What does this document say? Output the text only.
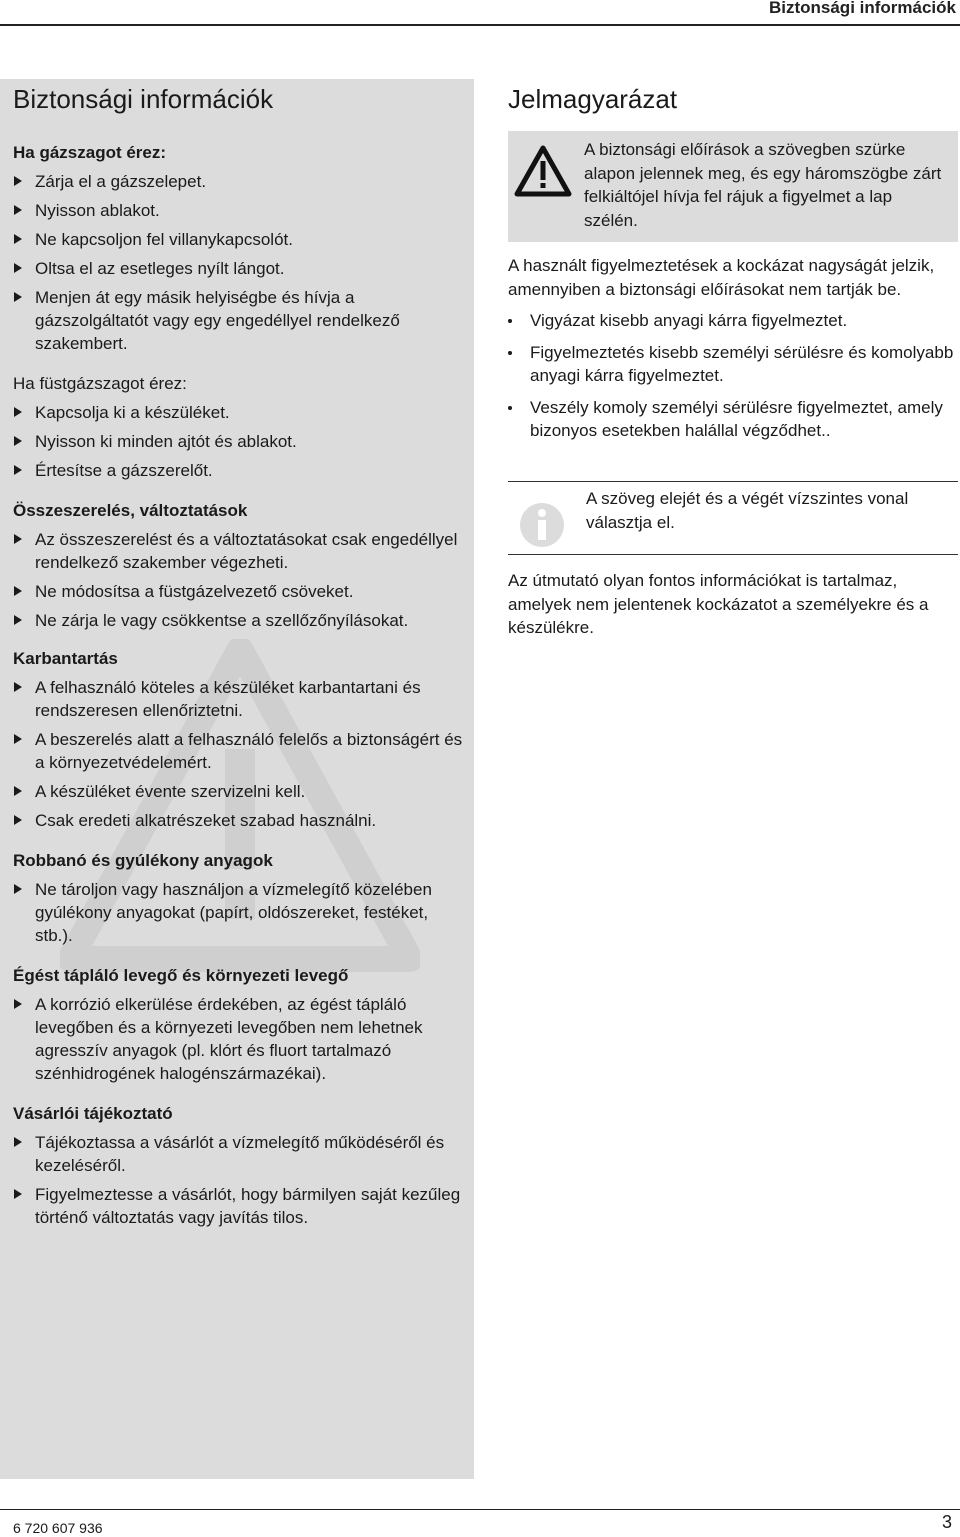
Biztonsági információk
Biztonsági információk

Ha gázszagot érez:

Zárja el a gázszelepet.
Nyisson ablakot.
Ne kapcsoljon fel villanykapcsolót.
Oltsa el az esetleges nyílt lángot.
Menjen át egy másik helyiségbe és hívja a gázszolgáltatót vagy egy engedéllyel rendelkező szakembert.

Ha füstgázszagot érez:

Kapcsolja ki a készüléket.
Nyisson ki minden ajtót és ablakot.
Értesítse a gázszerelőt.

Összeszerelés, változtatások

Az összeszerelést és a változtatásokat csak engedéllyel rendelkező szakember végezheti.
Ne módosítsa a füstgázelvezető csöveket.
Ne zárja le vagy csökkentse a szellőzőnyílásokat.

Karbantartás

A felhasználó köteles a készüléket karbantartani és rendszeresen ellenőriztetni.
A beszerelés alatt a felhasználó felelős a biztonságért és a környezetvédelemért.
A készüléket évente szervizelni kell.
Csak eredeti alkatrészeket szabad használni.

Robbanó és gyúlékony anyagok

Ne tároljon vagy használjon a vízmelegítő közelében gyúlékony anyagokat (papírt, oldószereket, festéket, stb.).

Égést tápláló levegő és környezeti levegő

A korrózió elkerülése érdekében, az égést tápláló levegőben és a környezeti levegőben nem lehetnek agresszív anyagok (pl. klórt és fluort tartalmazó szénhidrogének halogénszármazékai).

Vásárlói tájékoztató

Tájékoztassa a vásárlót a vízmelegítő működéséről és kezeléséről.
Figyelmeztesse a vásárlót, hogy bármilyen saját kezűleg történő változtatás vagy javítás tilos.
Jelmagyarázat
A biztonsági előírások a szövegben szürke alapon jelennek meg, és egy háromszögbe zárt felkiáltójel hívja fel rájuk a figyelmet a lap szélén.

A használt figyelmeztetések a kockázat nagyságát jelzik, amennyiben a biztonsági előírásokat nem tartják be.

Vigyázat kisebb anyagi kárra figyelmeztet.
Figyelmeztetés kisebb személyi sérülésre és komolyabb anyagi kárra figyelmeztet.
Veszély komoly személyi sérülésre figyelmeztet, amely bizonyos esetekben halállal végződhet..
A szöveg elejét és a végét vízszintes vonal választja el.

Az útmutató olyan fontos információkat is tartalmaz, amelyek nem jelentenek kockázatot a személyekre és a készülékre.

6 720 607 936	3
